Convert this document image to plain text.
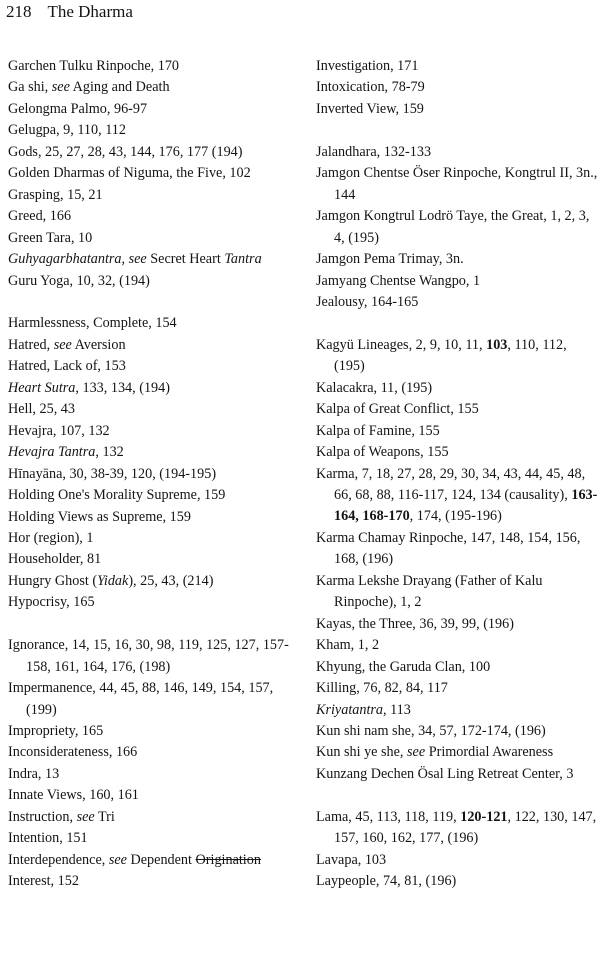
218 The Dharma

Garchen Tulku Rinpoche, 170

Ga shi, see Aging and Death

Gelongma Palmo, 96-97

Gelugpa, 9, 110, 112

Gods, 25, 27, 28, 43, 144, 176, 177 (194)

Golden Dharmas of Niguma, the Five, 102

Grasping, 15, 21

Greed, 166

Green Tara, 10

Guhyagarbhatantra, see Secret Heart Tantra

Guru Yoga, 10, 32, (194)

Harmlessness, Complete, 154

Hatred, see Aversion

Hatred, Lack of, 153

Heart Sutra, 133, 134, (194)

Hell, 25, 43

Hevajra, 107, 132

Hevajra Tantra, 132

Hīnayāna, 30, 38-39, 120, (194-195)

Holding One's Morality Supreme, 159

Holding Views as Supreme, 159

Hor (region), 1

Householder, 81

Hungry Ghost (Yidak), 25, 43, (214)

Hypocrisy, 165

Ignorance, 14, 15, 16, 30, 98, 119, 125, 127, 157-158, 161, 164, 176, (198)

Impermanence, 44, 45, 88, 146, 149, 154, 157, (199)

Impropriety, 165

Inconsiderateness, 166

Indra, 13

Innate Views, 160, 161

Instruction, see Tri

Intention, 151

Interdependence, see Dependent Origination

Interest, 152

Investigation, 171

Intoxication, 78-79

Inverted View, 159

Jalandhara, 132-133

Jamgon Chentse Öser Rinpoche, Kongtrul II, 3n., 144

Jamgon Kongtrul Lodrö Taye, the Great, 1, 2, 3, 4, (195)

Jamgon Pema Trimay, 3n.

Jamyang Chentse Wangpo, 1

Jealousy, 164-165

Kagyü Lineages, 2, 9, 10, 11, 103, 110, 112, (195)

Kalacakra, 11, (195)

Kalpa of Great Conflict, 155

Kalpa of Famine, 155

Kalpa of Weapons, 155

Karma, 7, 18, 27, 28, 29, 30, 34, 43, 44, 45, 48, 66, 68, 88, 116-117, 124, 134 (causality), 163-164, 168-170, 174, (195-196)

Karma Chamay Rinpoche, 147, 148, 154, 156, 168, (196)

Karma Lekshe Drayang (Father of Kalu Rinpoche), 1, 2

Kayas, the Three, 36, 39, 99, (196)

Kham, 1, 2

Khyung, the Garuda Clan, 100

Killing, 76, 82, 84, 117

Kriyatantra, 113

Kun shi nam she, 34, 57, 172-174, (196)

Kun shi ye she, see Primordial Awareness

Kunzang Dechen Ösal Ling Retreat Center, 3

Lama, 45, 113, 118, 119, 120-121, 122, 130, 147, 157, 160, 162, 177, (196)

Lavapa, 103

Laypeople, 74, 81, (196)
